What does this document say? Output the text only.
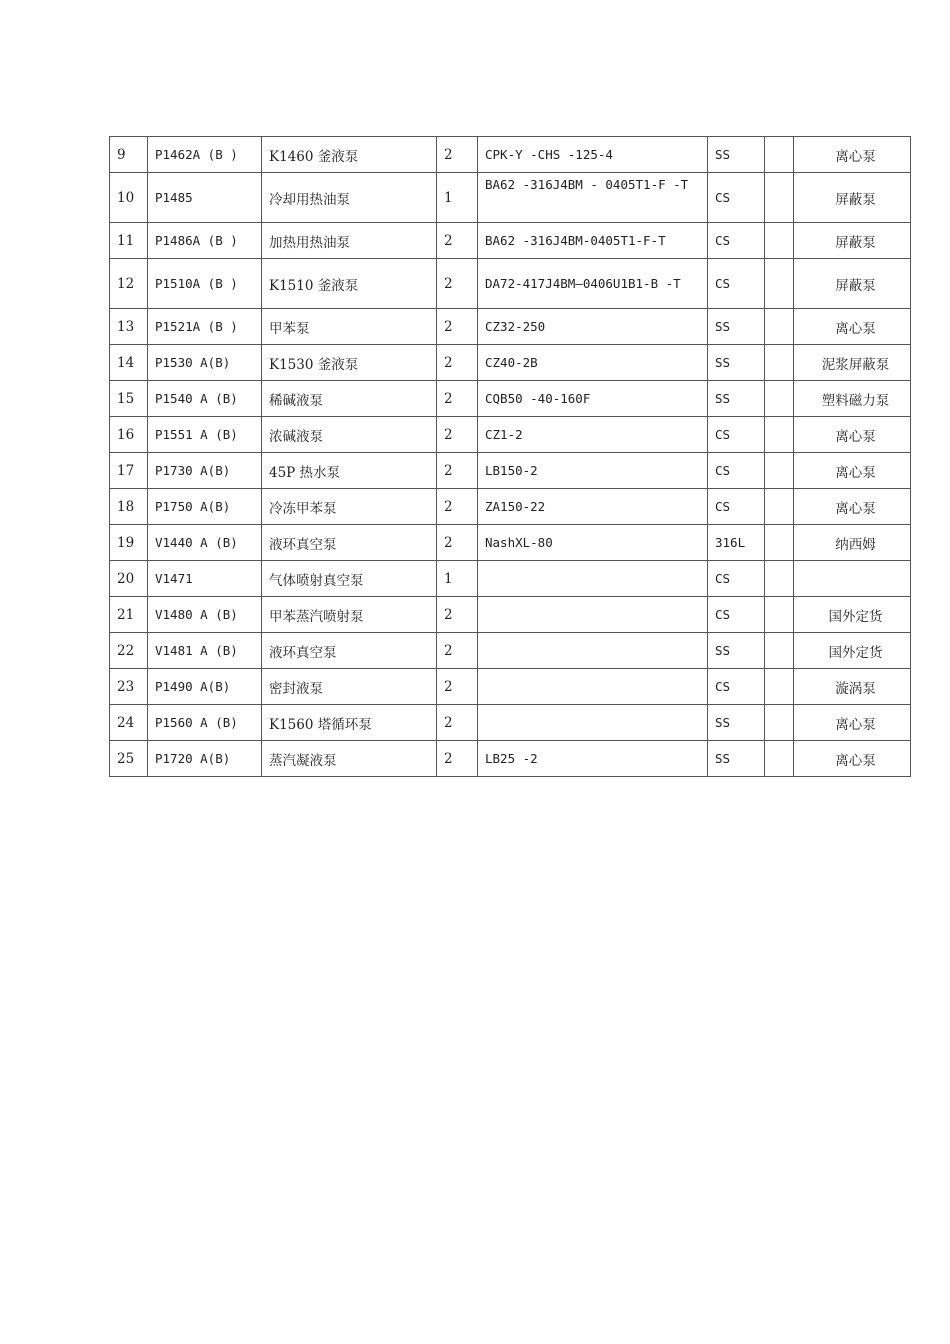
9	P1462A (B )	K1460 釜液泵	2	CPK-Y -CHS -125-4	SS		离心泵
10	P1485	冷却用热油泵	1	BA62 -316J4BM - 0405T1-F -T	CS		屏蔽泵
11	P1486A (B )	加热用热油泵	2	BA62 -316J4BM-0405T1-F-T	CS		屏蔽泵
12	P1510A (B )	K1510 釜液泵	2	DA72-417J4BM—0406U1B1-B -T	CS		屏蔽泵
13	P1521A (B )	甲苯泵	2	CZ32-250	SS		离心泵
14	P1530 A(B)	K1530 釜液泵	2	CZ40-2B	SS		泥浆屏蔽泵
15	P1540 A (B)	稀碱液泵	2	CQB50 -40-160F	SS		塑料磁力泵
16	P1551 A (B)	浓碱液泵	2	CZ1-2	CS		离心泵
17	P1730 A(B)	45P 热水泵	2	LB150-2	CS		离心泵
18	P1750 A(B)	冷冻甲苯泵	2	ZA150-22	CS		离心泵
19	V1440 A (B)	液环真空泵	2	NashXL-80	316L		纳西姆
20	V1471	气体喷射真空泵	1		CS		
21	V1480 A (B)	甲苯蒸汽喷射泵	2		CS		国外定货
22	V1481 A (B)	液环真空泵	2		SS		国外定货
23	P1490 A(B)	密封液泵	2		CS		漩涡泵
24	P1560 A (B)	K1560 塔循环泵	2		SS		离心泵
25	P1720 A(B)	蒸汽凝液泵	2	LB25 -2	SS		离心泵
